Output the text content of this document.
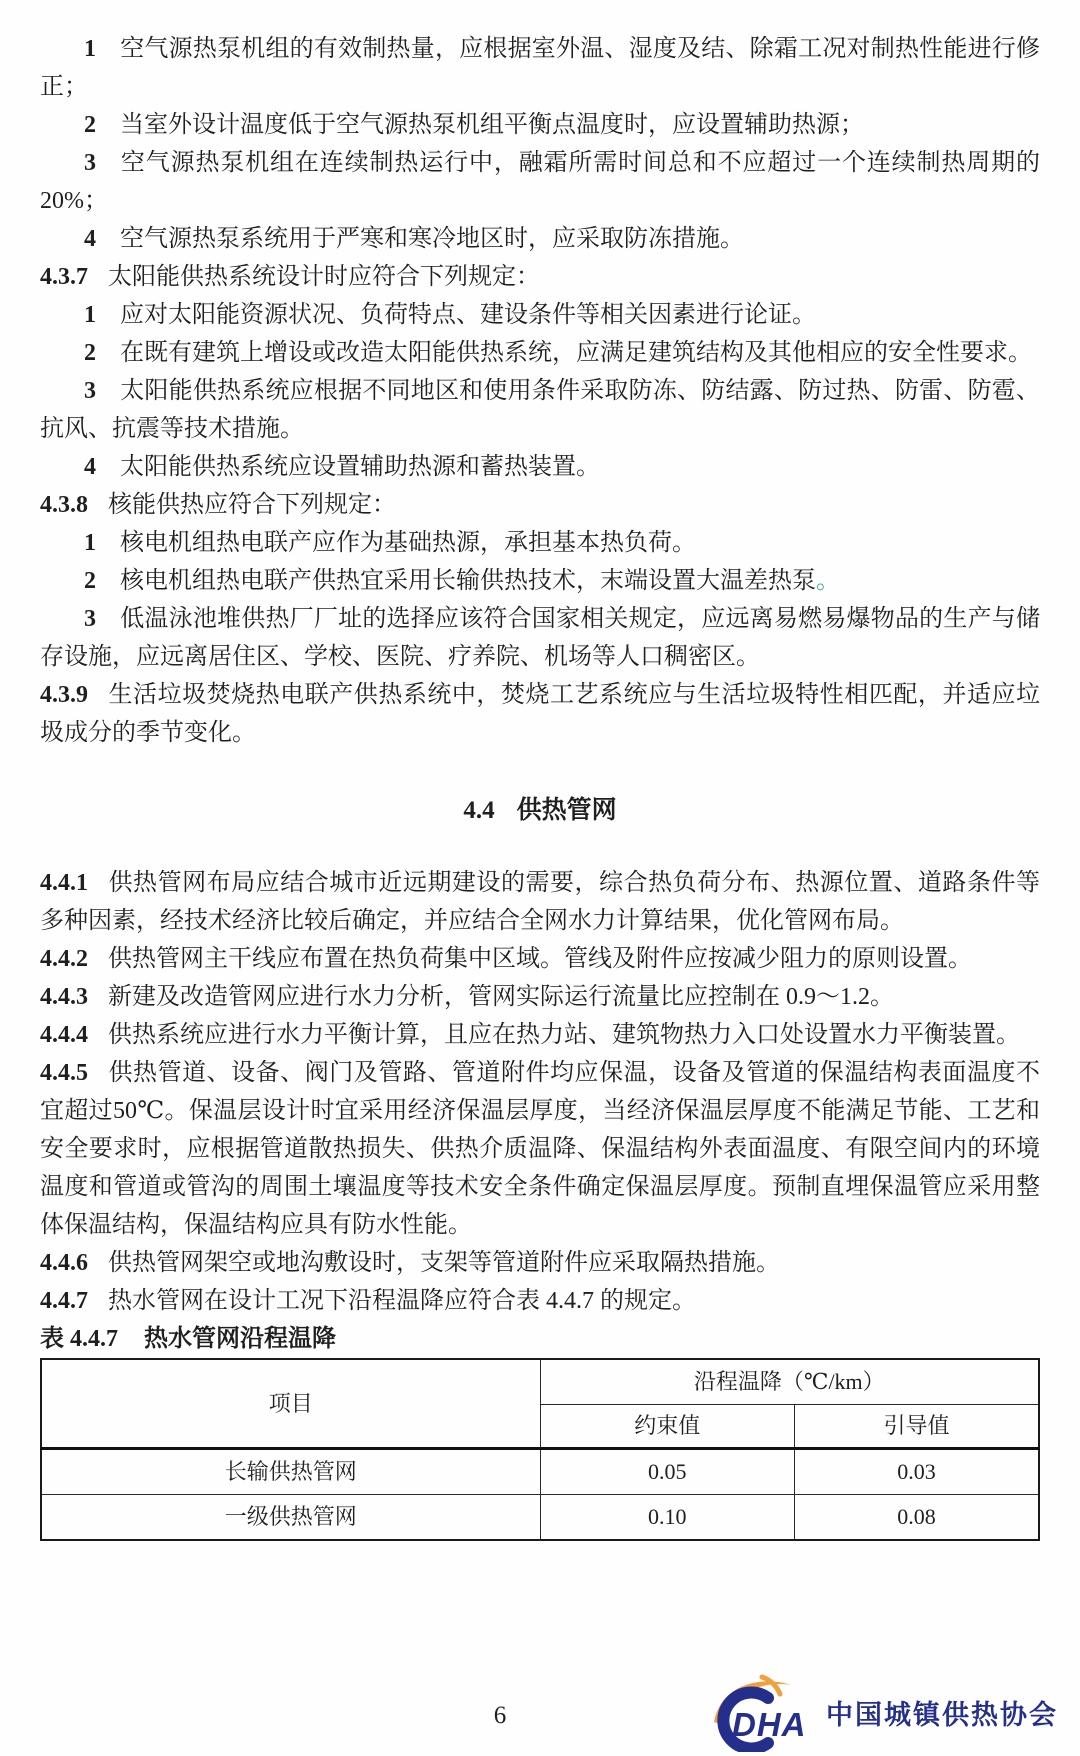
1 空气源热泵机组的有效制热量，应根据室外温、湿度及结、除霜工况对制热性能进行修正；

2 当室外设计温度低于空气源热泵机组平衡点温度时，应设置辅助热源；

3 空气源热泵机组在连续制热运行中，融霜所需时间总和不应超过一个连续制热周期的 20%；

4 空气源热泵系统用于严寒和寒冷地区时，应采取防冻措施。

4.3.7 太阳能供热系统设计时应符合下列规定：

1 应对太阳能资源状况、负荷特点、建设条件等相关因素进行论证。

2 在既有建筑上增设或改造太阳能供热系统，应满足建筑结构及其他相应的安全性要求。

3 太阳能供热系统应根据不同地区和使用条件采取防冻、防结露、防过热、防雷、防雹、抗风、抗震等技术措施。

4 太阳能供热系统应设置辅助热源和蓄热装置。

4.3.8 核能供热应符合下列规定：

1 核电机组热电联产应作为基础热源，承担基本热负荷。

2 核电机组热电联产供热宜采用长输供热技术，末端设置大温差热泵。

3 低温泳池堆供热厂厂址的选择应该符合国家相关规定，应远离易燃易爆物品的生产与储存设施，应远离居住区、学校、医院、疗养院、机场等人口稠密区。

4.3.9 生活垃圾焚烧热电联产供热系统中，焚烧工艺系统应与生活垃圾特性相匹配，并适应垃圾成分的季节变化。

4.4 供热管网

4.4.1 供热管网布局应结合城市近远期建设的需要，综合热负荷分布、热源位置、道路条件等多种因素，经技术经济比较后确定，并应结合全网水力计算结果，优化管网布局。

4.4.2 供热管网主干线应布置在热负荷集中区域。管线及附件应按减少阻力的原则设置。

4.4.3 新建及改造管网应进行水力分析，管网实际运行流量比应控制在 0.9～1.2。

4.4.4 供热系统应进行水力平衡计算，且应在热力站、建筑物热力入口处设置水力平衡装置。

4.4.5 供热管道、设备、阀门及管路、管道附件均应保温，设备及管道的保温结构表面温度不宜超过50℃。保温层设计时宜采用经济保温层厚度，当经济保温层厚度不能满足节能、工艺和安全要求时，应根据管道散热损失、供热介质温降、保温结构外表面温度、有限空间内的环境温度和管道或管沟的周围土壤温度等技术安全条件确定保温层厚度。预制直埋保温管应采用整体保温结构，保温结构应具有防水性能。

4.4.6 供热管网架空或地沟敷设时，支架等管道附件应采取隔热措施。

4.4.7 热水管网在设计工况下沿程温降应符合表 4.4.7 的规定。

表 4.4.7 热水管网沿程温降

项目	沿程温降（℃/km）	
	约束值	引导值
长输供热管网	0.05	0.03
一级供热管网	0.10	0.08
6	DHA 中国城镇供热协会
